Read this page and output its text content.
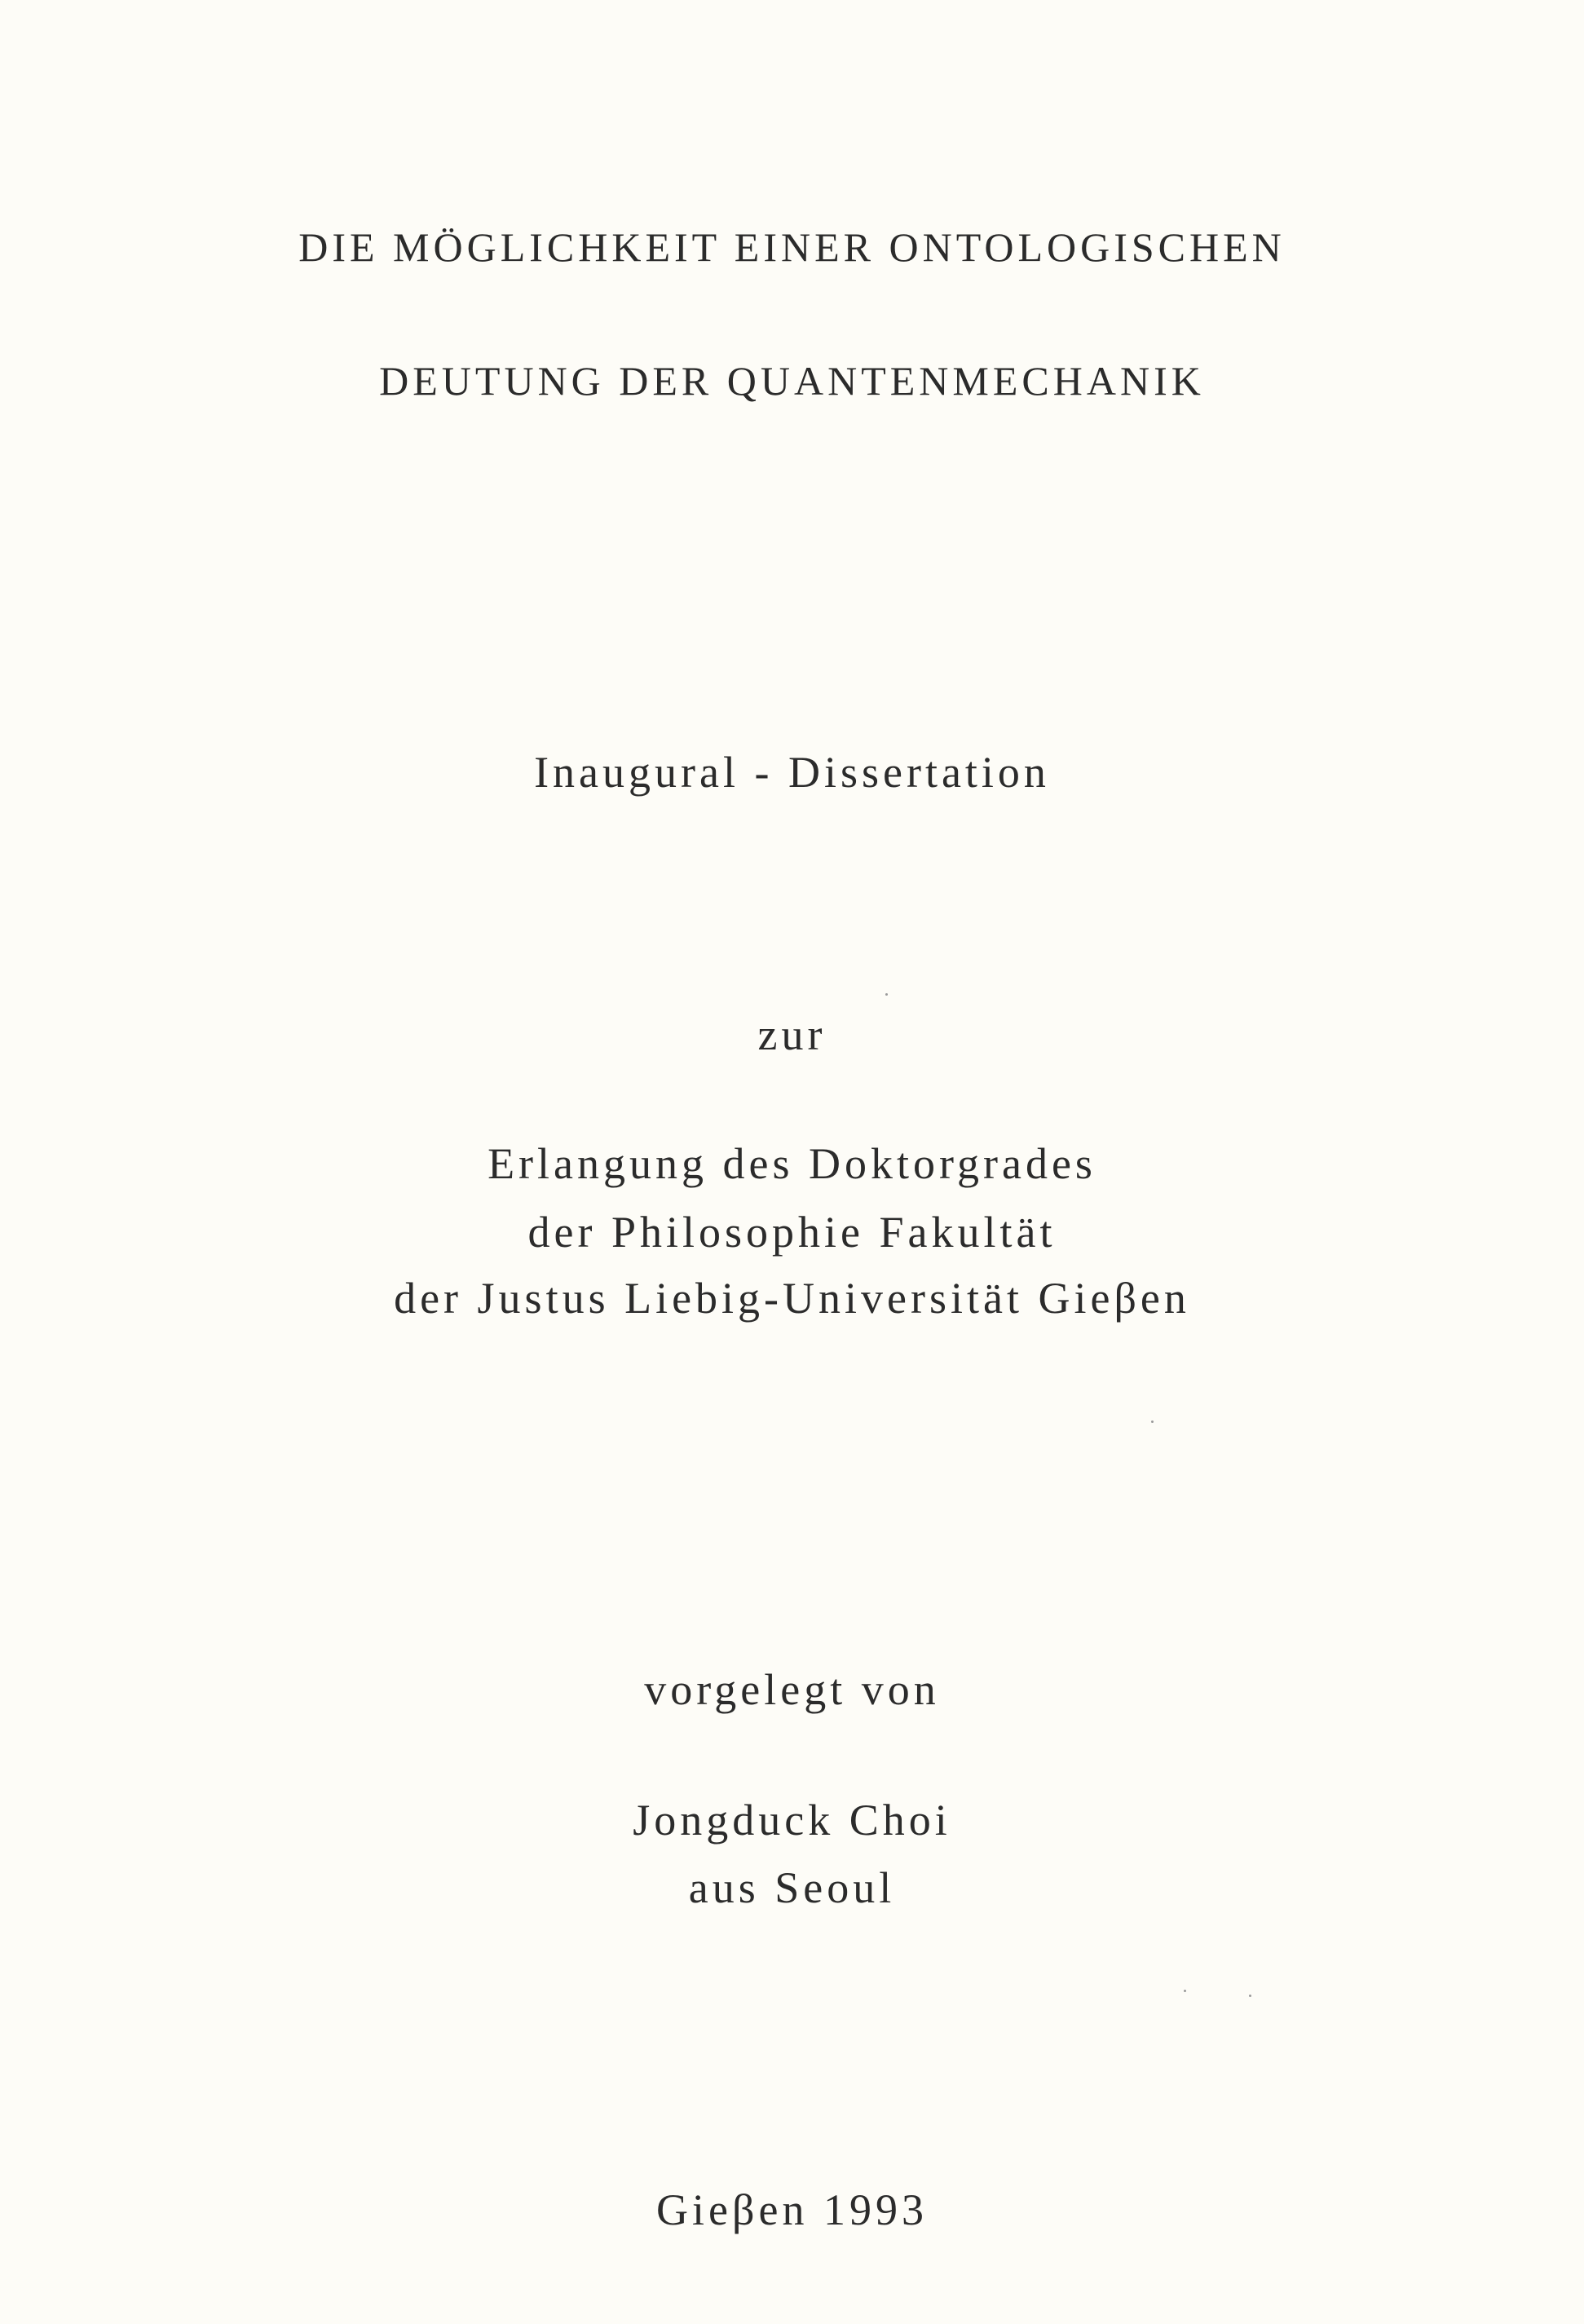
DIE MÖGLICHKEIT EINER ONTOLOGISCHEN
DEUTUNG DER QUANTENMECHANIK
Inaugural - Dissertation
zur
Erlangung des Doktorgrades
der Philosophie Fakultät
der Justus Liebig-Universität Gieβen
vorgelegt von
Jongduck Choi
aus Seoul
Gieβen 1993
